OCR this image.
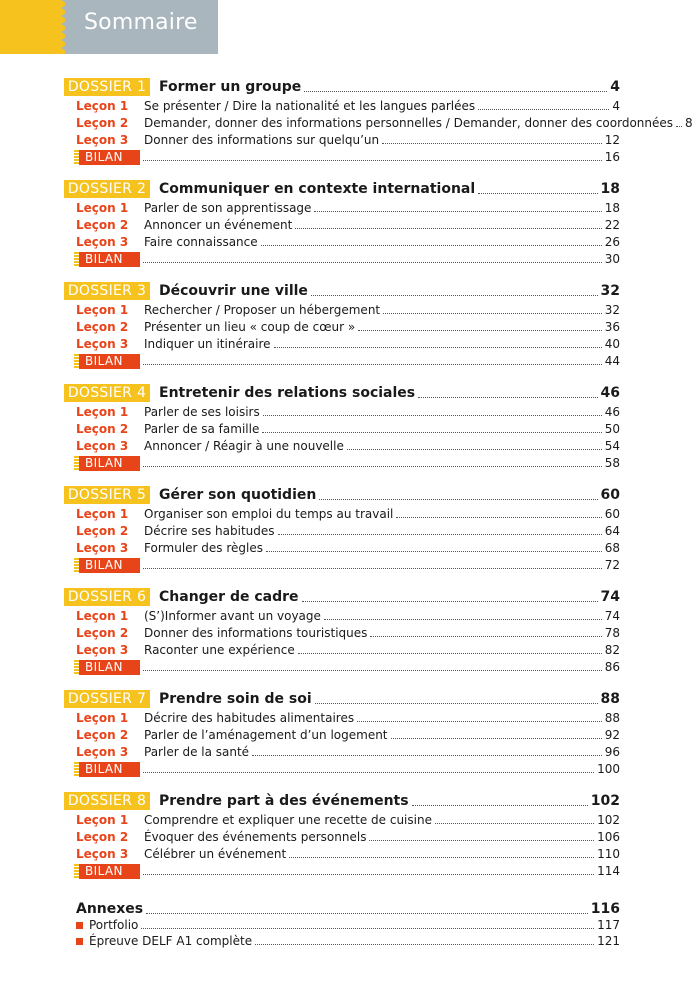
Sommaire
DOSSIER 1 Former un groupe	4
Leçon 1	Se présenter / Dire la nationalité et les langues parlées	4
Leçon 2	Demander, donner des informations personnelles / Demander, donner des coordonnées 8
Leçon 3	Donner des informations sur quelqu’un	12
BILAN	16
DOSSIER 2 Communiquer en contexte international	18
Leçon 1	Parler de son apprentissage	18
Leçon 2	Annoncer un événement	22
Leçon 3	Faire connaissance	26
BILAN	30
DOSSIER 3 Découvrir une ville	32
Leçon 1	Rechercher / Proposer un hébergement	32
Leçon 2	Présenter un lieu « coup de cœur »	36
Leçon 3	Indiquer un itinéraire	40
BILAN	44
DOSSIER 4 Entretenir des relations sociales	46
Leçon 1	Parler de ses loisirs	46
Leçon 2	Parler de sa famille	50
Leçon 3	Annoncer / Réagir à une nouvelle	54
BILAN	58
DOSSIER 5 Gérer son quotidien	60
Leçon 1	Organiser son emploi du temps au travail	60
Leçon 2	Décrire ses habitudes	64
Leçon 3	Formuler des règles	68
BILAN	72
DOSSIER 6 Changer de cadre	74
Leçon 1	(S’)Informer avant un voyage	74
Leçon 2	Donner des informations touristiques	78
Leçon 3	Raconter une expérience	82
BILAN	86
DOSSIER 7 Prendre soin de soi	88
Leçon 1	Décrire des habitudes alimentaires	88
Leçon 2	Parler de l’aménagement d’un logement	92
Leçon 3	Parler de la santé	96
BILAN	100
DOSSIER 8 Prendre part à des événements	102
Leçon 1	Comprendre et expliquer une recette de cuisine	102
Leçon 2	Évoquer des événements personnels	106
Leçon 3	Célébrer un événement	110
BILAN	114
Annexes	116
Portfolio	117
Épreuve DELF A1 complète	121
